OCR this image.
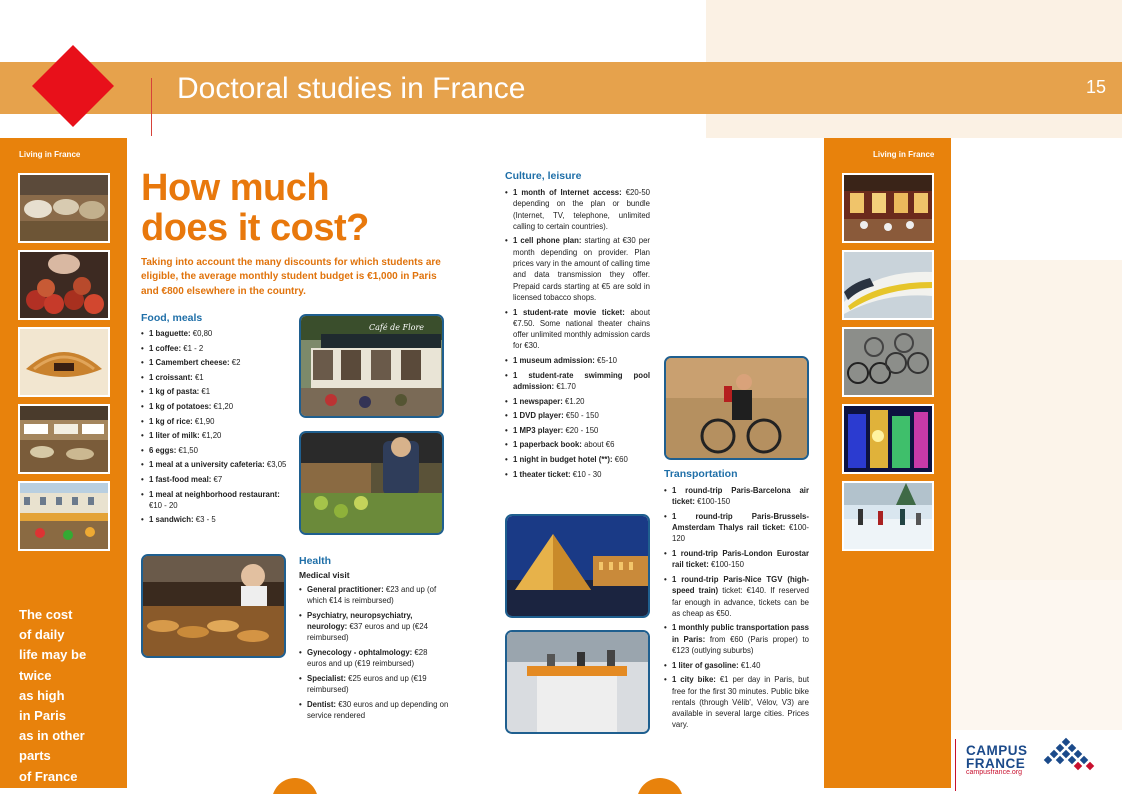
Doctoral studies in France	15
Living in France
The cost
of daily
life may be
twice
as high
in Paris
as in other
parts
of France
Living in France
How much
does it cost?
Taking into account the many discounts for which students are eligible, the average monthly student budget is €1,000 in Paris and €800 elsewhere in the country.
Food, meals
• 1 baguette: €0,80
• 1 coffee: €1 - 2
• 1 Camembert cheese: €2
• 1 croissant: €1
• 1 kg of pasta: €1
• 1 kg of potatoes: €1,20
• 1 kg of rice: €1,90
• 1 liter of milk: €1,20
• 6 eggs: €1,50
• 1 meal at a university cafeteria: €3,05
• 1 fast-food meal: €7
• 1 meal at neighborhood restaurant: €10 - 20
• 1 sandwich: €3 - 5
Café de Flore
Health
Medical visit
• General practitioner: €23 and up (of which €14 is reimbursed)
• Psychiatry, neuropsychiatry, neurology: €37 euros and up (€24 reimbursed)
• Gynecology - ophtalmology: €28 euros and up (€19 reimbursed)
• Specialist: €25 euros and up (€19 reimbursed)
• Dentist: €30 euros and up depending on service rendered
Culture, leisure
• 1 month of Internet access: €20-50 depending on the plan or bundle (Internet, TV, telephone, unlimited calling to certain countries).
• 1 cell phone plan: starting at €30 per month depending on provider. Plan prices vary in the amount of calling time and data transmission they offer. Prepaid cards starting at €5 are sold in licensed tobacco shops.
• 1 student-rate movie ticket: about €7.50. Some national theater chains offer unlimited monthly admission cards for €30.
• 1 museum admission: €5-10
• 1 student-rate swimming pool admission: €1.70
• 1 newspaper: €1.20
• 1 DVD player: €50 - 150
• 1 MP3 player: €20 - 150
• 1 paperback book: about €6
• 1 night in budget hotel (**): €60
• 1 theater ticket: €10 - 30	Transportation
• 1 round-trip Paris-Barcelona air ticket: €100-150
• 1 round-trip Paris-Brussels-Amsterdam Thalys rail ticket: €100-120
• 1 round-trip Paris-London Eurostar rail ticket: €100-150
• 1 round-trip Paris-Nice TGV (high-speed train) ticket: €140. If reserved far enough in advance, tickets can be as cheap as €50.
• 1 monthly public transportation pass in Paris: from €60 (Paris proper) to €123 (outlying suburbs)
• 1 liter of gasoline: €1.40
• 1 city bike: €1 per day in Paris, but free for the first 30 minutes. Public bike rentals (through Vélib', Vélov, V3) are available in several large cities. Prices vary.
CAMPUS
FRANCE
campusfrance.org
